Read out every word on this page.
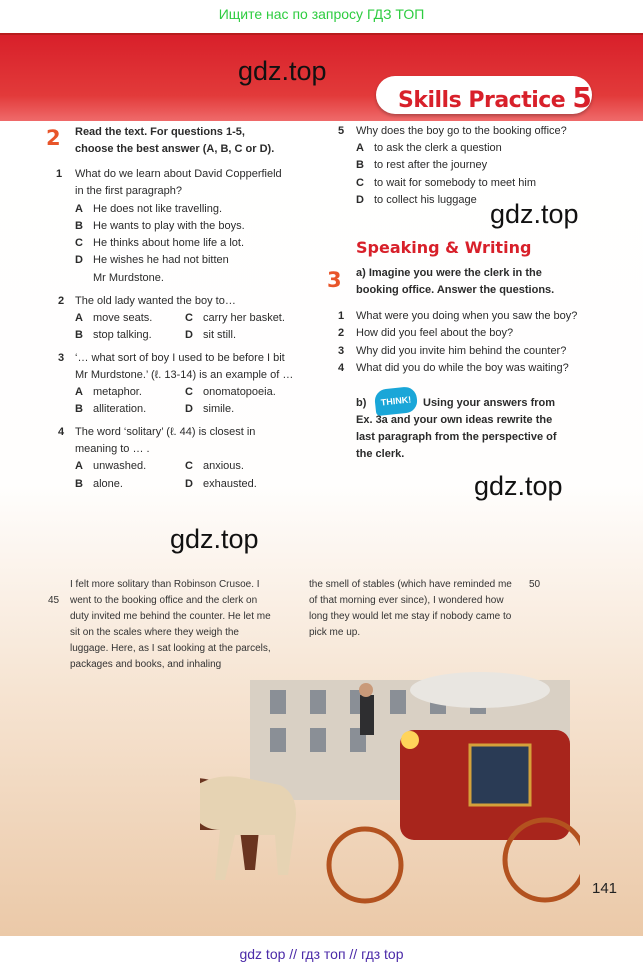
Ищите нас по запросу ГДЗ ТОП
Skills Practice 5
gdz.top
2 Read the text. For questions 1-5,
choose the best answer (A, B, C or D).
1 What do we learn about David Copperfield
in the first paragraph?
A He does not like travelling.
B He wants to play with the boys.
C He thinks about home life a lot.
D He wishes he had not bitten
Mr Murdstone.
2 The old lady wanted the boy to…
A move seats.	C carry her basket.
B stop talking.	D sit still.
3 ‘… what sort of boy I used to be before I bit
Mr Murdstone.’ (ℓ. 13-14) is an example of …
A metaphor.	C onomatopoeia.
B alliteration.	D simile.
4 The word ‘solitary’ (ℓ. 44) is closest in
meaning to … .
A unwashed.	C anxious.
B alone.	D exhausted.
5 Why does the boy go to the booking office?
A to ask the clerk a question
B to rest after the journey
C to wait for somebody to meet him
D to collect his luggage gdz.top
Speaking & Writing
3 a) Imagine you were the clerk in the
booking office. Answer the questions.
1 What were you doing when you saw the boy?
2 How did you feel about the boy?
3 Why did you invite him behind the counter?
4 What did you do while the boy was waiting?
b)	THINK!	Using your answers from
Ex. 3a and your own ideas rewrite the
last paragraph from the perspective of
the clerk.
gdz.top
gdz.top
I felt more solitary than Robinson Crusoe. I
45 went to the booking office and the clerk on
duty invited me behind the counter. He let me
sit on the scales where they weigh the
luggage. Here, as I sat looking at the parcels,
packages and books, and inhaling
the smell of stables (which have reminded me 50
of that morning ever since), I wondered how
long they would let me stay if nobody came to
pick me up.
141
gdz top // гдз топ // гдз top
